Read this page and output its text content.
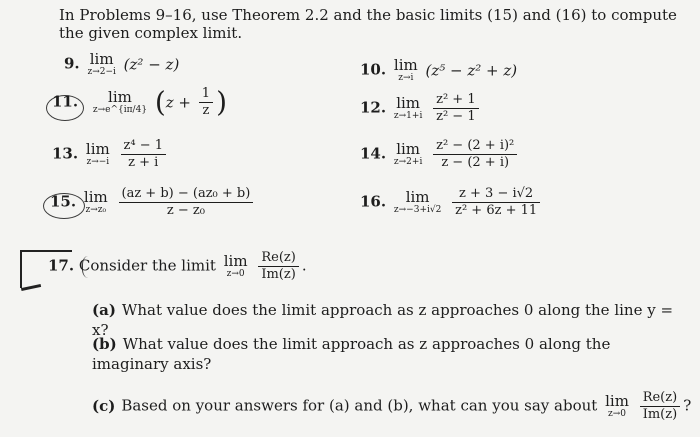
In Problems 9–16, use Theorem 2.2 and the basic limits (15) and (16) to compute the given complex limit.
9. lim
z→2−i (z² − z)	10. lim
z→i (z⁵ − z² + z)
11.	lim
z→e^{iπ/4} ($z + \frac{1}{z}$ )	12. lim
z→1+i
$\frac{\text{z² + 1}}{\text{z² − 1}}$
13. lim
z→−i
$\frac{\text{z⁴ − 1}}{z + i}$	14. lim
z→2+i
$\frac{\text{z² − (2 + i)²}}{z - (2 + i)}$
15. lim
z→z₀
$\frac{\text{(az + b) − (az₀ + b)}}{\text{z − z₀}}$	16.	lim
z→−3+i√2
$\frac{z + 3 - i√2}{\text{z² + 6z + 11}}$
17. Consider the limit lim
z→0
$\frac{Re(z)}{Im(z)}$ .
(a) What value does the limit approach as z approaches 0 along the line y = x?
(b) What value does the limit approach as z approaches 0 along the imaginary axis?
(c) Based on your answers for (a) and (b), what can you say about lim
z→0
$\frac{Re(z)}{Im(z)}$ ?
